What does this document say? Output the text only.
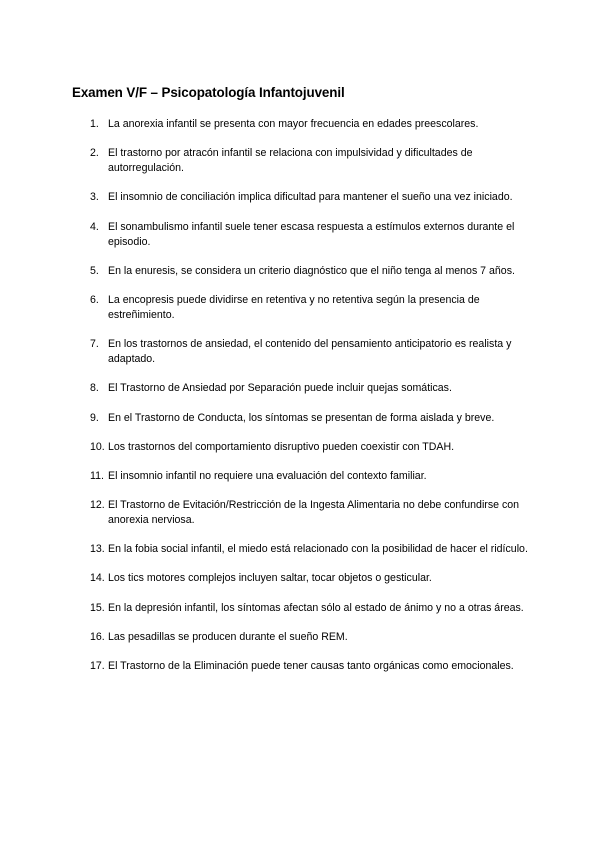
Examen V/F – Psicopatología Infantojuvenil
1. La anorexia infantil se presenta con mayor frecuencia en edades preescolares.
2. El trastorno por atracón infantil se relaciona con impulsividad y dificultades de autorregulación.
3. El insomnio de conciliación implica dificultad para mantener el sueño una vez iniciado.
4. El sonambulismo infantil suele tener escasa respuesta a estímulos externos durante el episodio.
5. En la enuresis, se considera un criterio diagnóstico que el niño tenga al menos 7 años.
6. La encopresis puede dividirse en retentiva y no retentiva según la presencia de estreñimiento.
7. En los trastornos de ansiedad, el contenido del pensamiento anticipatorio es realista y adaptado.
8. El Trastorno de Ansiedad por Separación puede incluir quejas somáticas.
9. En el Trastorno de Conducta, los síntomas se presentan de forma aislada y breve.
10. Los trastornos del comportamiento disruptivo pueden coexistir con TDAH.
11. El insomnio infantil no requiere una evaluación del contexto familiar.
12. El Trastorno de Evitación/Restricción de la Ingesta Alimentaria no debe confundirse con anorexia nerviosa.
13. En la fobia social infantil, el miedo está relacionado con la posibilidad de hacer el ridículo.
14. Los tics motores complejos incluyen saltar, tocar objetos o gesticular.
15. En la depresión infantil, los síntomas afectan sólo al estado de ánimo y no a otras áreas.
16. Las pesadillas se producen durante el sueño REM.
17. El Trastorno de la Eliminación puede tener causas tanto orgánicas como emocionales.
